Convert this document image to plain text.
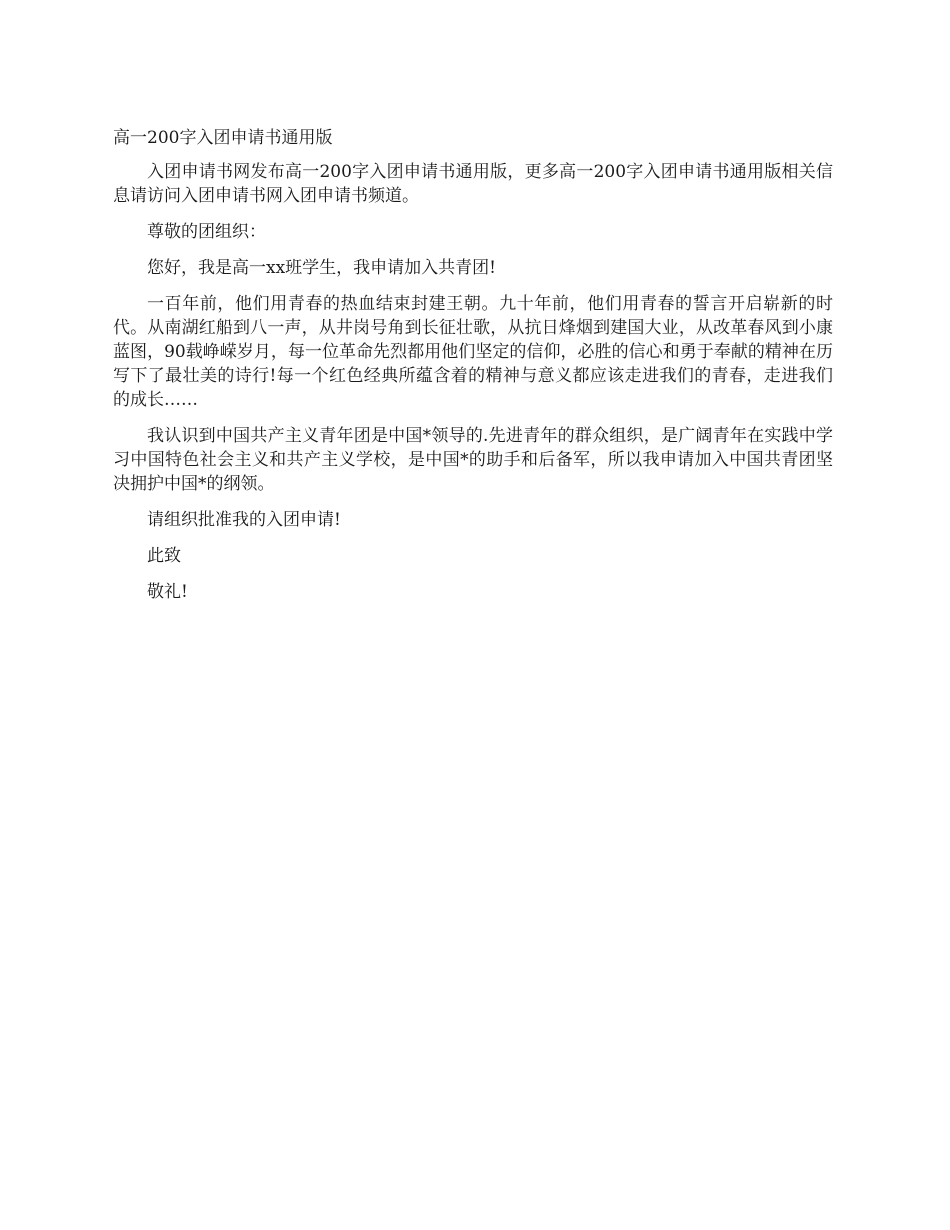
高一200字入团申请书通用版

入团申请书网发布高一200字入团申请书通用版，更多高一200字入团申请书通用版相关信息请访问入团申请书网入团申请书频道。

尊敬的团组织：

您好，我是高一xx班学生，我申请加入共青团!

一百年前，他们用青春的热血结束封建王朝。九十年前，他们用青春的誓言开启崭新的时代。从南湖红船到八一声，从井岗号角到长征壮歌，从抗日烽烟到建国大业，从改革春风到小康蓝图，90载峥嵘岁月，每一位革命先烈都用他们坚定的信仰，必胜的信心和勇于奉献的精神在历写下了最壮美的诗行!每一个红色经典所蕴含着的精神与意义都应该走进我们的青春，走进我们的成长……

我认识到中国共产主义青年团是中国*领导的.先进青年的群众组织，是广阔青年在实践中学习中国特色社会主义和共产主义学校，是中国*的助手和后备军，所以我申请加入中国共青团坚决拥护中国*的纲领。

请组织批准我的入团申请!

此致

敬礼!
